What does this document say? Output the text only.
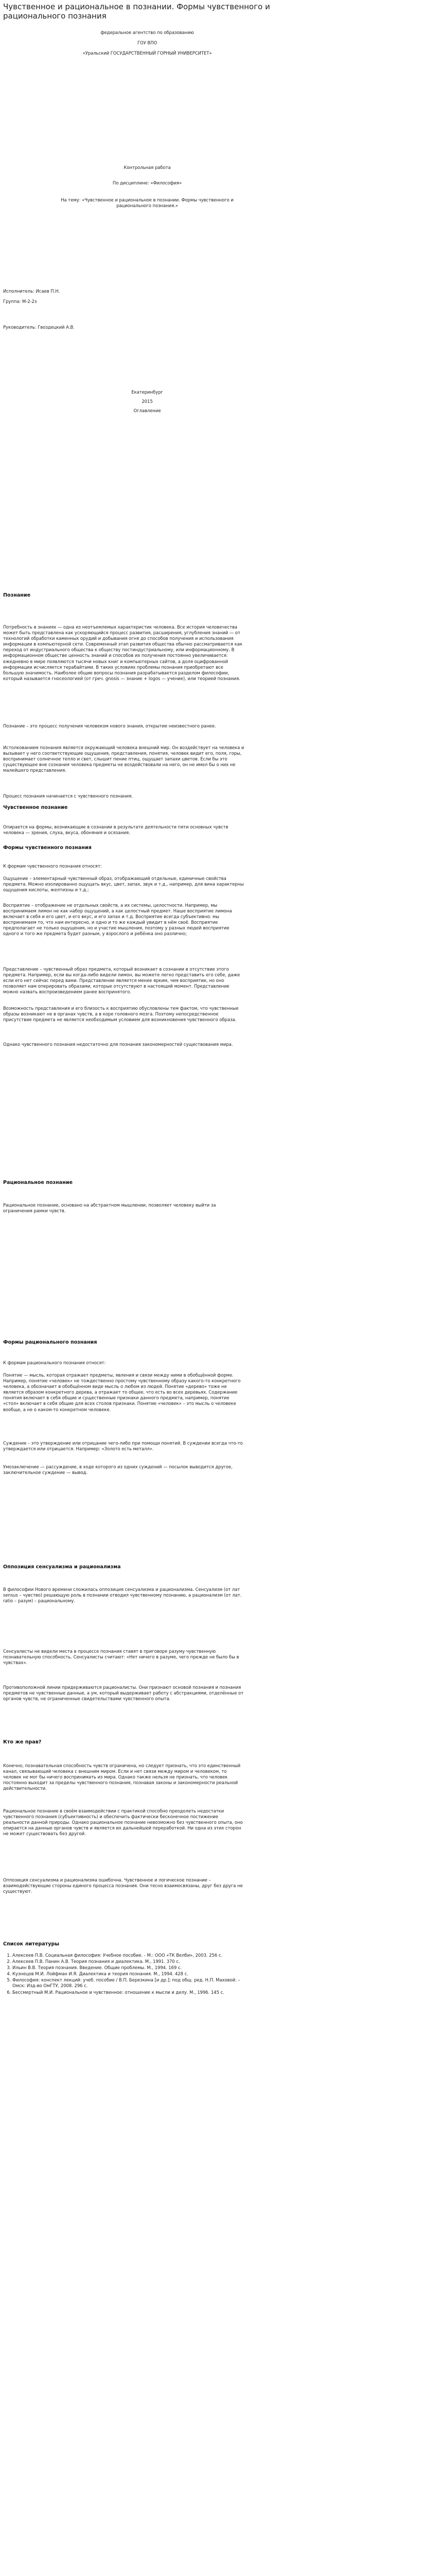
Чувственное и рациональное в познании. Формы чувственного и рационального познания
федеральное агентство по образованию
ГОУ ВПО
«Уральский ГОСУДАРСТВЕННЫЙ ГОРНЫЙ УНИВЕРСИТЕТ»
Контрольная работа
По дисциплине: «Философия»
На тему: «Чувственное и рациональное в познании. Формы чувственного и рационального познания.»
Исполнитель: Исаев П.Н.
Группа: М-2-2з
Руководитель: Гвоздецкий А.В.
Екатеринбург
2015
Оглавление
Познание

Потребность в знаниях — одна из неотъемлемых характеристик человека. Все история человечества может быть представлена как ускоряющийся процесс развития, расширения, углубления знаний — от технологий обработки каменных орудий и добывания огня до способов получения и использования информации в компьютерной сети. Современный этап развития общества обычно рассматривается как переход от индустриального общества к обществу постиндустриальному, или информационному. В информационном обществе ценность знаний и способов их получения постоянно увеличивается: ежедневно в мире появляются тысячи новых книг и компьютерных сайтов, а доля оцифрованной информации исчисляется терабайтами. В таких условиях проблемы познания приобретают все большую значимость. Наиболее общие вопросы познания разрабатывается разделом философии, который называется гносеологией (от греч. gnosis — знание + logos — учение), или теорией познания.

Познание – это процесс получения человеком нового знания, открытие неизвестного ранее.

Истолкованием познания является окружающий человека внешний мир. Он воздействует на человека и вызывает у него соответствующие ощущения, представления, понятия, человек видит его, поля, горы, воспринимает солнечное тепло и свет, слышит пение птиц, ощущает запахи цветов. Если бы это существующее вне сознания человека предметы не воздействовали на него, он не имел бы о них не малейшего представления.

Процесс познания начинается с чувственного познания.

Чувственное познание

Опирается на формы, возникающие в сознании в результате деятельности пяти основных чувств человека — зрения, слуха, вкуса, обоняния и осязания.

Формы чувственного познания

К формам чувственного познания относят:

Ощущение – элементарный чувственный образ, отображающий отдельные, единичные свойства предмета. Можно изолированно ощущать вкус, цвет, запах, звук и т.д., например, для вина характерны ощущения кислоты, желтизны и т.д.;

Восприятие – отображение не отдельных свойств, а их системы, целостности. Например, мы воспринимаем лимон не как набор ощущений, а как целостный предмет. Наше восприятие лимона включает в себя и его цвет, и его вкус, и его запах и т.д. Восприятие всегда субъективно: мы воспринимаем то, что нам интересно, и одно и то же каждый увидит в нём своё. Восприятие предполагает не только ощущения, но и участие мышления, поэтому у разных людей восприятие одного и того же предмета будет разным, у взрослого и ребёнка оно различно;

Представление – чувственный образ предмета, который возникает в сознании в отсутствие этого предмета. Например, если вы когда-либо видели лимон, вы можете легко представить его себе, даже если его нет сейчас перед вами. Представление является менее ярким, чем восприятие, но оно позволяет нам оперировать образами, которые отсутствуют в настоящий момент. Представление можно назвать воспроизведением ранее воспринятого.

Возможность представления и его близость к восприятию обусловлены тем фактом, что чувственные образы возникают не в органах чувств, а в коре головного мозга. Поэтому непосредственное присутствие предмета не является необходимым условием для возникновения чувственного образа.

Однако чувственного познания недостаточно для познания закономерностей существования мира.

Рациональное познание

Рациональное познание, основано на абстрактном мышлении, позволяет человеку выйти за ограничения рамки чувств.

Формы рационального познания

К формам рационального познания относят:

Понятие — мысль, которая отражает предметы, явления и связи между ними в обобщённой форме. Например, понятие «человек» не тождественно простому чувственному образу какого-то конкретного человека, а обозначает в обобщённом виде мысль о любом из людей. Понятие «дерево» тоже не является образом конкретного дерева, а отражает то общее, что есть во всех деревьях. Содержание понятия включает в себя общие и существенные признаки данного предмета, например, понятие «стол» включает в себя общие для всех столов признаки. Понятие «человек» – это мысль о человеке вообще, а не о каком-то конкретном человеке.

Суждение – это утверждение или отрицание чего-либо при помощи понятий. В суждении всегда что-то утверждается или отрицается. Например: «Золото есть металл».

Умозаключение — рассуждение, в ходе которого из одних суждений — посылок выводится другое, заключительное суждение — вывод.

Оппозиция сенсуализма и рационализма

В философии Нового времени сложилась оппозиция сенсуализма и рационализма. Сенсуализм (от лат sensus – чувство) решающую роль в познании отводил чувственному познанию, а рационализм (от лат. ratio – разум) – рациональному.

Сенсуалисты не видели места в процессе познания ставят в приговоре разуму чувственную познавательную способность. Сенсуалисты считают: «Нет ничего в разуме, чего прежде не было бы в чувствах».

Противоположной линии придерживаются рационалисты. Они признают основой познания и познания предметов не чувственные данные, а ум, который выдерживает работу с абстракциями, отделённые от органов чувств, не ограниченные свидетельствами чувственного опыта.

Кто же прав?

Конечно, познавательная способность чувств ограничена, но следует признать, что это единственный канал, связывающий человека с внешним миром. Если и нет связи между миром и человеком, то человек не мог бы ничего воспринимать из мира. Однако также нельзя не признать, что человек постоянно выходит за пределы чувственного познания, познавая законы и закономерности реальной действительности.

Рациональное познание в своём взаимодействии с практикой способно преодолеть недостатки чувственного познания (субъективность) и обеспечить фактически бесконечное постижение реальности данной природы. Однако рациональное познание невозможно без чувственного опыта, оно опирается на данные органов чувств и является их дальнейшей переработкой. Ни одна из этих сторон не может существовать без другой.

Оппозиция сенсуализма и рационализма ошибочна. Чувственное и логическое познание – взаимодействующие стороны единого процесса познания. Они тесно взаимосвязаны, друг без друга не существуют.

Список литературы
1. Алексеев П.В. Социальная философия: Учебное пособие. - М.: ООО «ТК Велби», 2003. 256 с.
2. Алексеев П.В. Панин А.В. Теория познания и диалектика. М., 1991. 370 с.
3. Ильин В.В. Теория познания. Введение. Общие проблемы. М., 1994. 169 с.
4. Кузнецов М.И. Лойфман И.Я. Диалектика и теория познания. М., 1994. 428 с.
5. Философия: конспект лекций: учеб. пособие / В.П. Березкина [и др.]; под общ. ред. Н.П. Маховой. – Омск: Изд-во ОмГТУ, 2008. 296 с.
6. Бессмертный М.И. Рациональное и чувственное: отношение к мысли и делу. М., 1996. 145 с.
